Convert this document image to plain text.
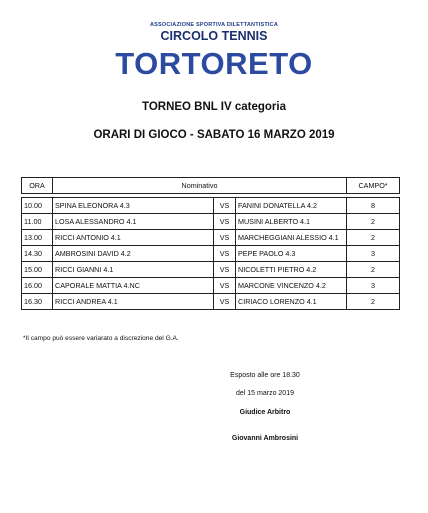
ASSOCIAZIONE SPORTIVA DILETTANTISTICA
CIRCOLO TENNIS
TORTORETO
TORNEO BNL IV categoria
ORARI DI GIOCO - SABATO 16 MARZO 2019
ORA	Nominativo			CAMPO*

10.00	SPINA ELEONORA 4.3	VS	FANINI DONATELLA 4.2	8
11.00	LOSA ALESSANDRO 4.1	VS	MUSINI ALBERTO 4.1	2
13.00	RICCI ANTONIO 4.1	VS	MARCHEGGIANI ALESSIO 4.1	2
14.30	AMBROSINI DAVID 4.2	VS	PEPE PAOLO 4.3	3
15.00	RICCI GIANNI 4.1	VS	NICOLETTI PIETRO 4.2	2
16.00	CAPORALE MATTIA 4.NC	VS	MARCONE VINCENZO 4.2	3
16.30	RICCI ANDREA 4.1	VS	CIRIACO LORENZO 4.1	2
*Il campo può essere variarato a discrezione del G.A.
Esposto alle ore 18.30
del 15 marzo 2019
Giudice Arbitro
Giovanni Ambrosini
